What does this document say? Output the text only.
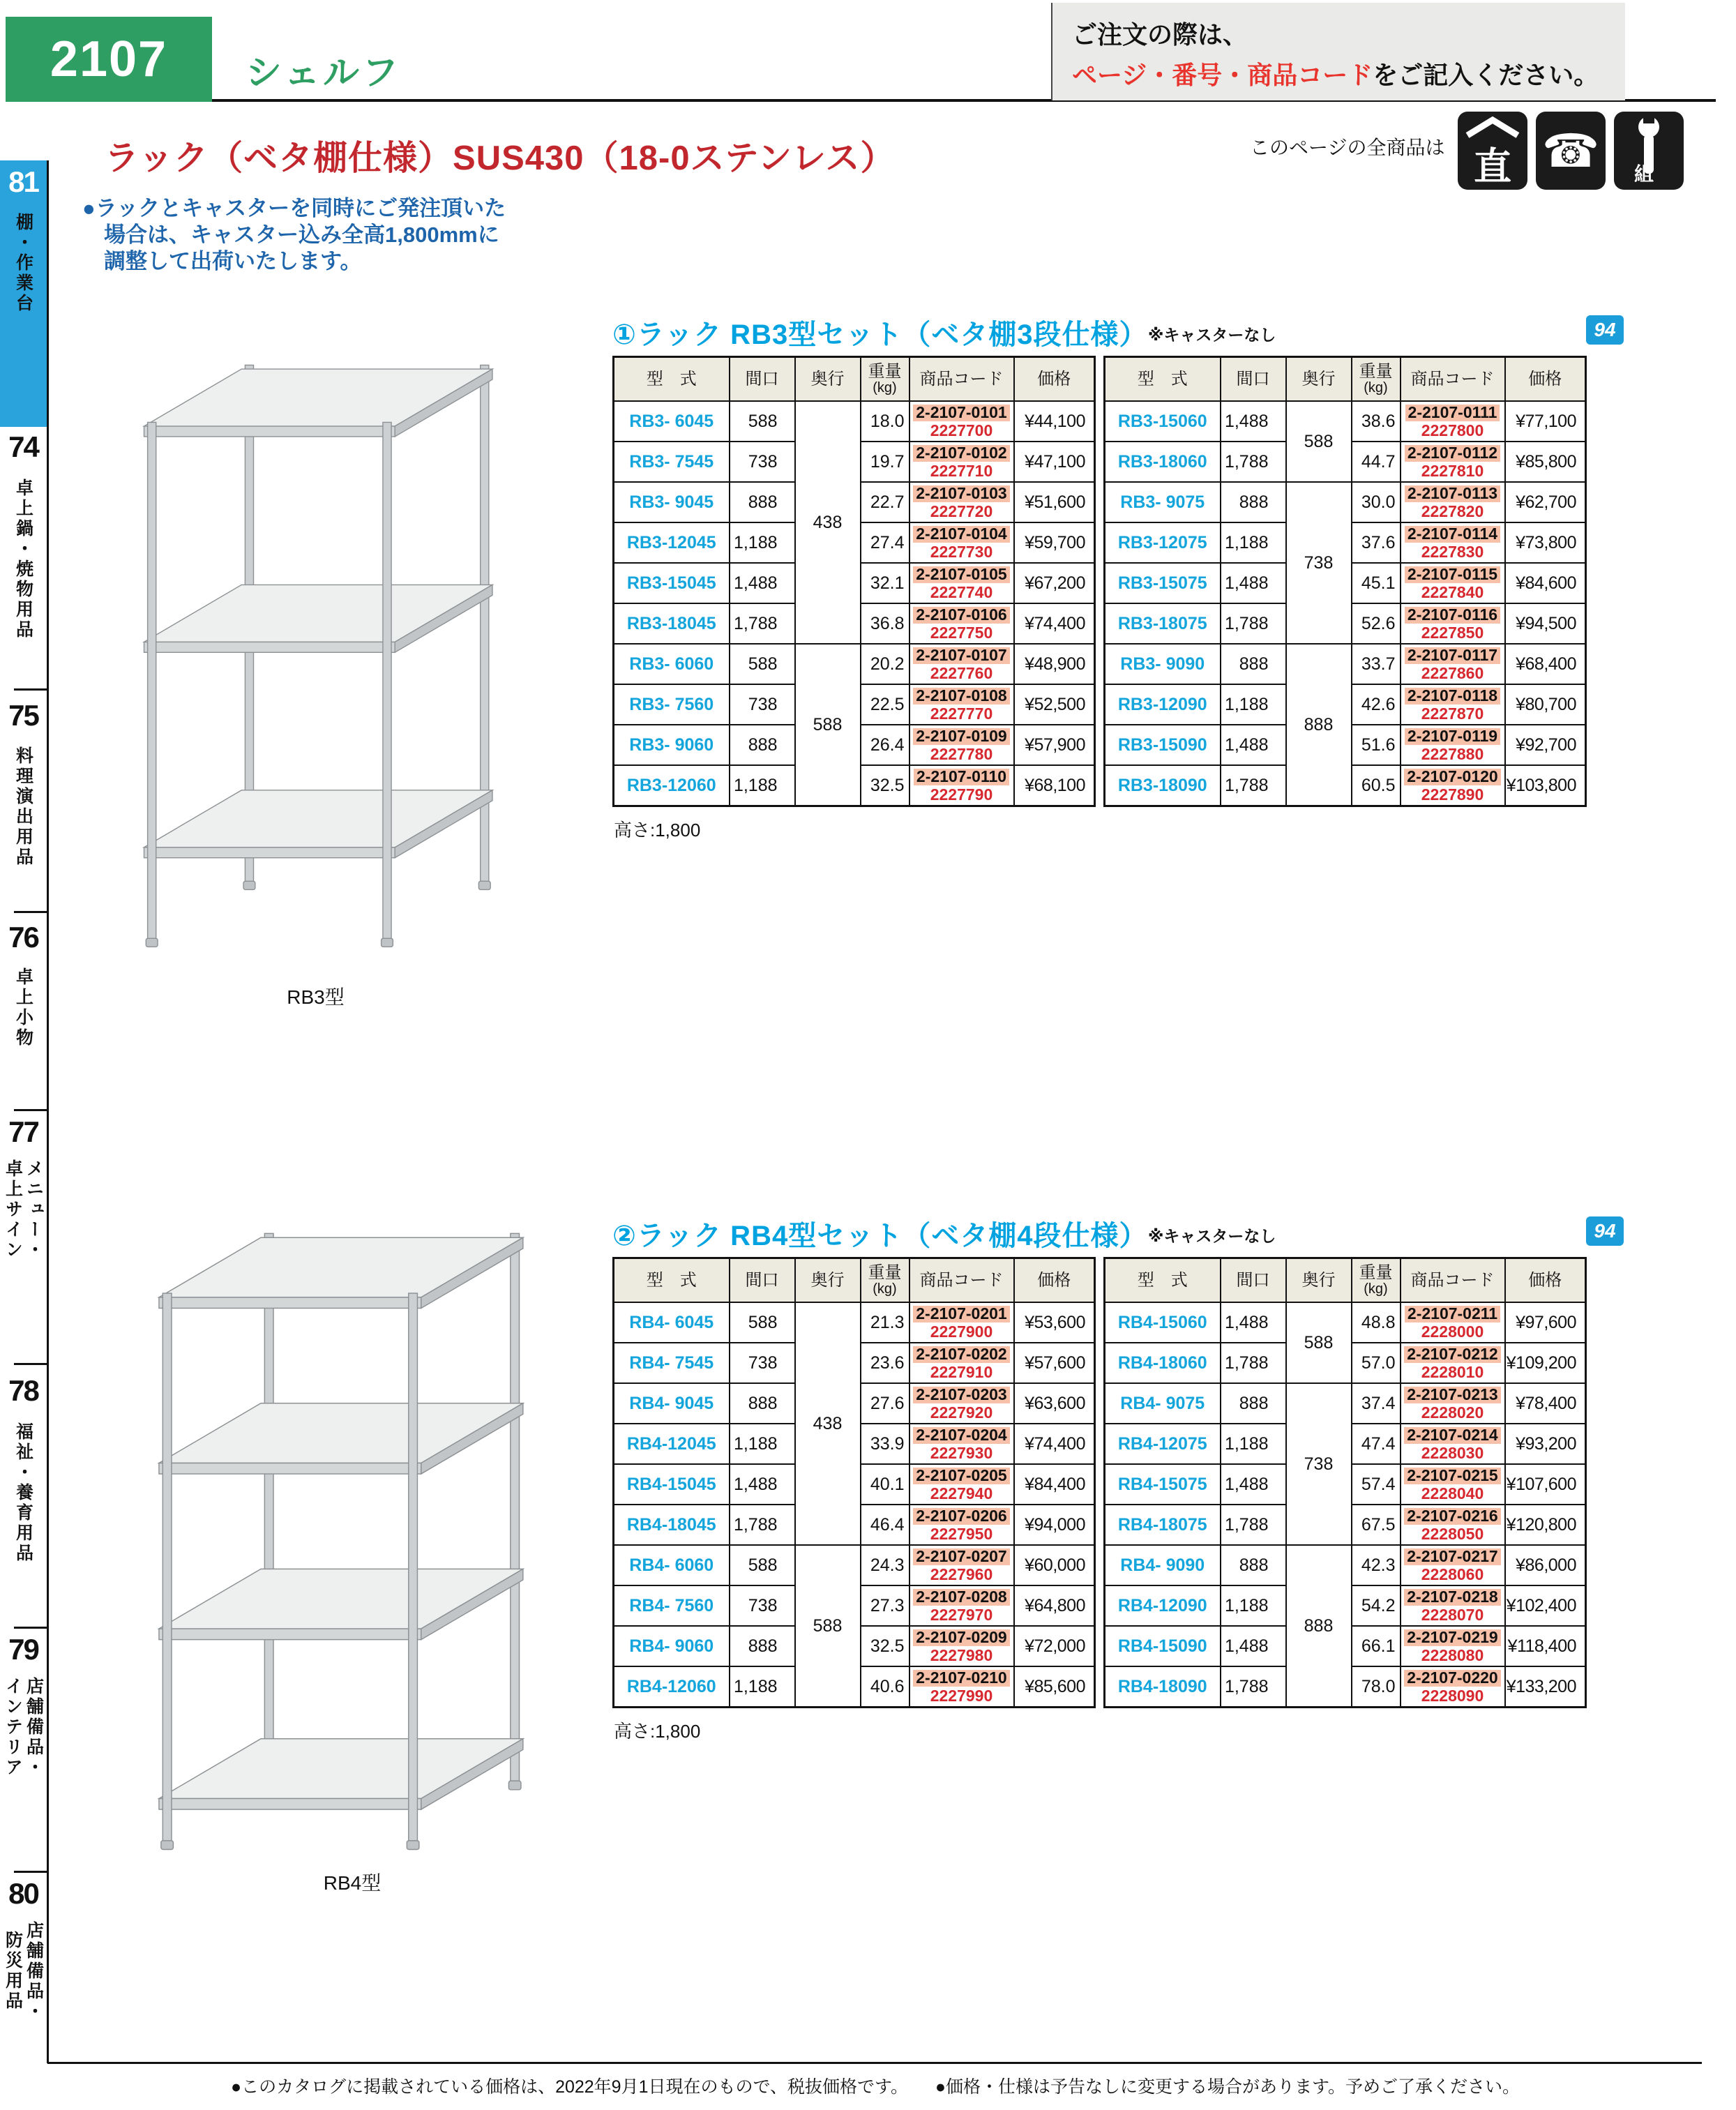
2107 シェルフ
ご注文の際は、
ページ・番号・商品コードをご記入ください。
ラック（ベタ棚仕様）SUS430（18-0ステンレス）	このページの全商品は 直 ☎	組立
●ラックとキャスターを同時にご発注頂いた
場合は、キャスター込み全高1,800mmに
調整して出荷いたします。
81
棚・作業台
74
卓上鍋・焼物用品
75
料理演出用品
76
卓上小物
77
メニュー・卓上サイン
78
福祉・養育用品
79
店舗備品・インテリア
80
店舗備品・防災用品
RB3型
RB4型
①ラック RB3型セット（ベタ棚3段仕様） ※キャスターなし	94
型　式	間口	奥行	重量
(kg)	商品コード	価格
RB3- 6045	588	438	18.0	2-2107-0101
2227700	¥44,100
RB3- 7545	738		19.7	2-2107-0102
2227710	¥47,100
RB3- 9045	888		22.7	2-2107-0103
2227720	¥51,600
RB3-12045	1,188		27.4	2-2107-0104
2227730	¥59,700
RB3-15045	1,488		32.1	2-2107-0105
2227740	¥67,200
RB3-18045	1,788		36.8	2-2107-0106
2227750	¥74,400
RB3- 6060	588	588	20.2	2-2107-0107
2227760	¥48,900
RB3- 7560	738		22.5	2-2107-0108
2227770	¥52,500
RB3- 9060	888		26.4	2-2107-0109
2227780	¥57,900
RB3-12060	1,188		32.5	2-2107-0110
2227790	¥68,100
型　式	間口	奥行	重量
(kg)	商品コード	価格
RB3-15060	1,488	588	38.6	2-2107-0111
2227800	¥77,100
RB3-18060	1,788		44.7	2-2107-0112
2227810	¥85,800
RB3- 9075	888	738	30.0	2-2107-0113
2227820	¥62,700
RB3-12075	1,188		37.6	2-2107-0114
2227830	¥73,800
RB3-15075	1,488		45.1	2-2107-0115
2227840	¥84,600
RB3-18075	1,788		52.6	2-2107-0116
2227850	¥94,500
RB3- 9090	888	888	33.7	2-2107-0117
2227860	¥68,400
RB3-12090	1,188		42.6	2-2107-0118
2227870	¥80,700
RB3-15090	1,488		51.6	2-2107-0119
2227880	¥92,700
RB3-18090	1,788		60.5	2-2107-0120
2227890	¥103,800
高さ:1,800
②ラック RB4型セット（ベタ棚4段仕様） ※キャスターなし	94
型　式	間口	奥行	重量
(kg)	商品コード	価格
RB4- 6045	588	438	21.3	2-2107-0201
2227900	¥53,600
RB4- 7545	738		23.6	2-2107-0202
2227910	¥57,600
RB4- 9045	888		27.6	2-2107-0203
2227920	¥63,600
RB4-12045	1,188		33.9	2-2107-0204
2227930	¥74,400
RB4-15045	1,488		40.1	2-2107-0205
2227940	¥84,400
RB4-18045	1,788		46.4	2-2107-0206
2227950	¥94,000
RB4- 6060	588	588	24.3	2-2107-0207
2227960	¥60,000
RB4- 7560	738		27.3	2-2107-0208
2227970	¥64,800
RB4- 9060	888		32.5	2-2107-0209
2227980	¥72,000
RB4-12060	1,188		40.6	2-2107-0210
2227990	¥85,600
型　式	間口	奥行	重量
(kg)	商品コード	価格
RB4-15060	1,488	588	48.8	2-2107-0211
2228000	¥97,600
RB4-18060	1,788		57.0	2-2107-0212
2228010	¥109,200
RB4- 9075	888	738	37.4	2-2107-0213
2228020	¥78,400
RB4-12075	1,188		47.4	2-2107-0214
2228030	¥93,200
RB4-15075	1,488		57.4	2-2107-0215
2228040	¥107,600
RB4-18075	1,788		67.5	2-2107-0216
2228050	¥120,800
RB4- 9090	888	888	42.3	2-2107-0217
2228060	¥86,000
RB4-12090	1,188		54.2	2-2107-0218
2228070	¥102,400
RB4-15090	1,488		66.1	2-2107-0219
2228080	¥118,400
RB4-18090	1,788		78.0	2-2107-0220
2228090	¥133,200
高さ:1,800
●このカタログに掲載されている価格は、2022年9月1日現在のもので、税抜価格です。 　 ●価格・仕様は予告なしに変更する場合があります。予めご了承ください。
